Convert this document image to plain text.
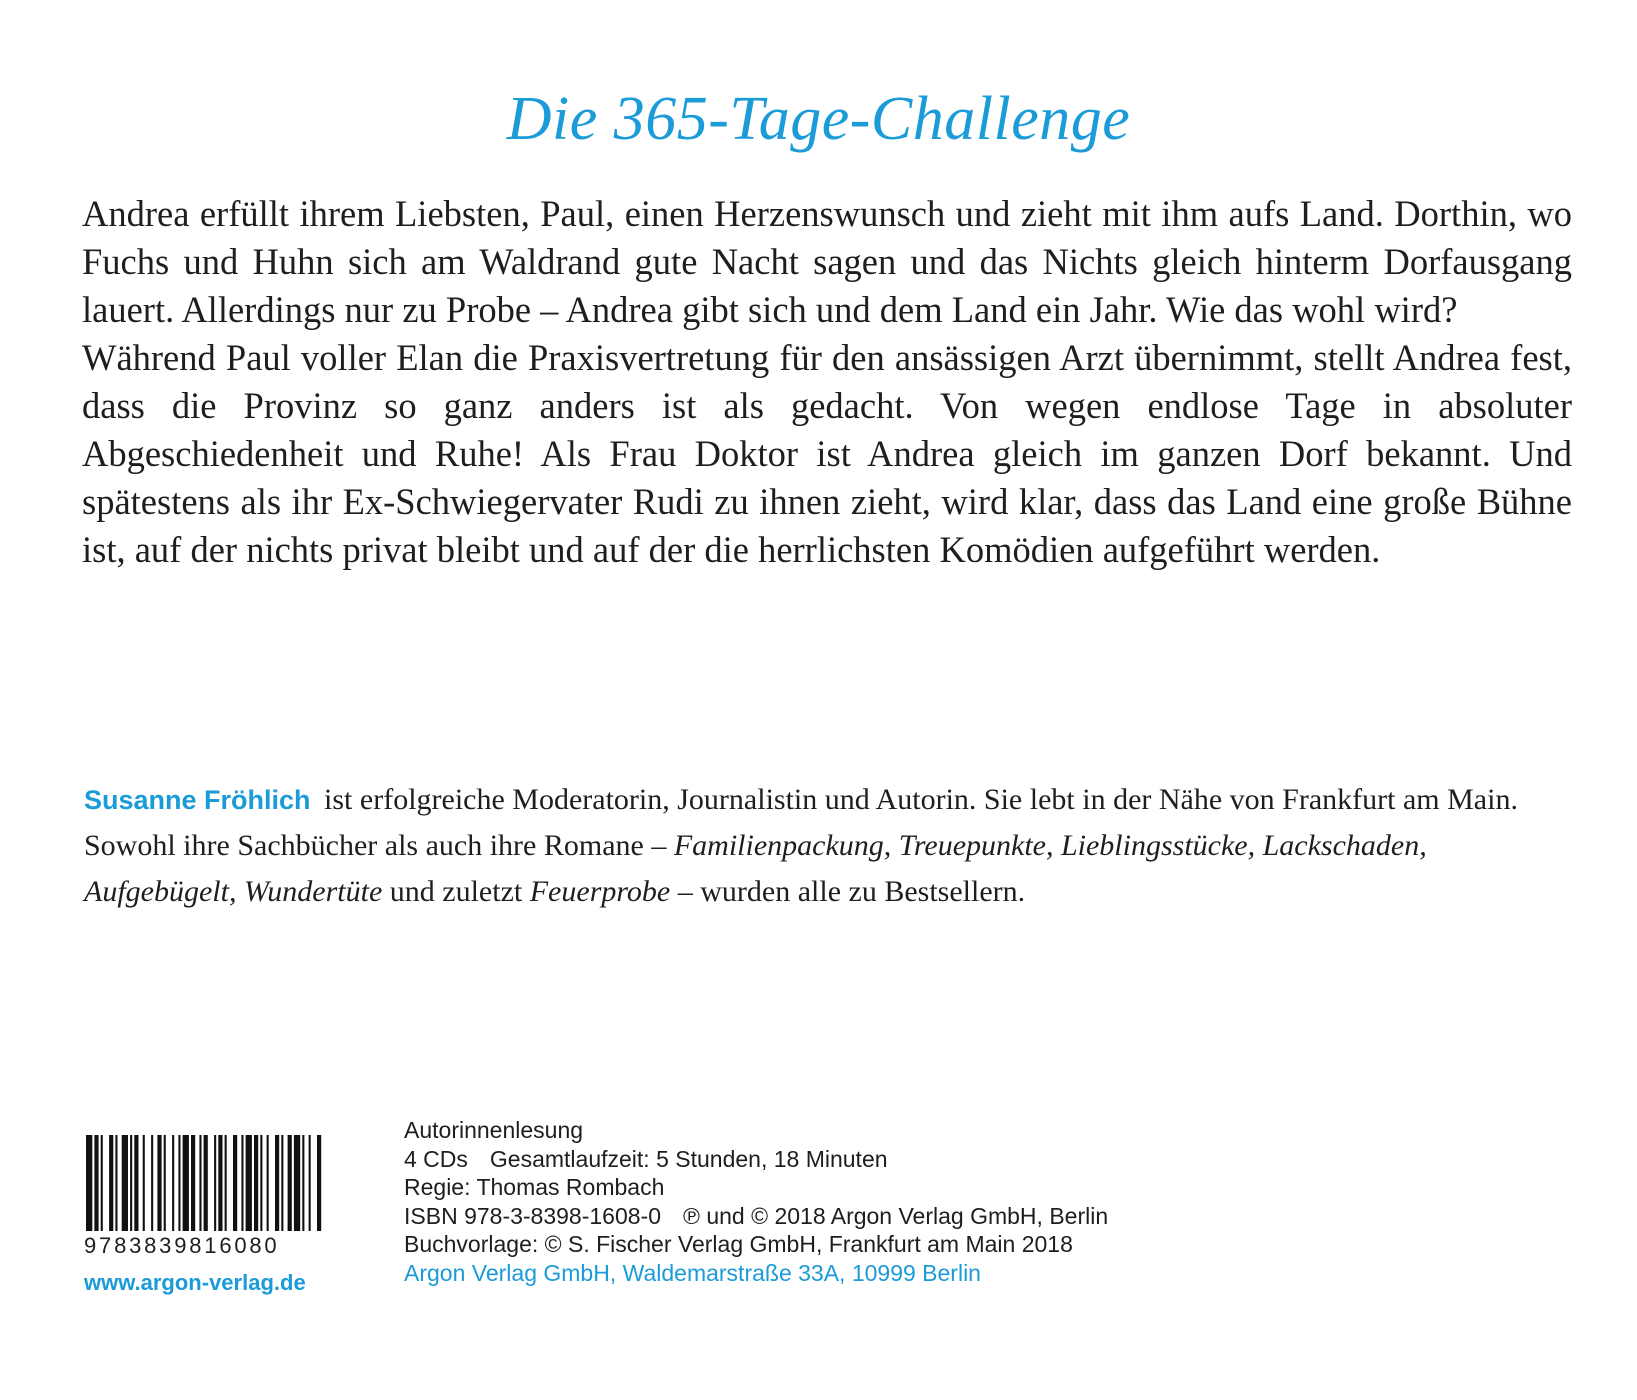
Die 365-Tage-Challenge

Andrea erfüllt ihrem Liebsten, Paul, einen Herzenswunsch und zieht mit ihm aufs Land. Dorthin, wo Fuchs und Huhn sich am Waldrand gute Nacht sagen und das Nichts gleich hinterm Dorfausgang lauert. Allerdings nur zu Probe – Andrea gibt sich und dem Land ein Jahr. Wie das wohl wird?

Während Paul voller Elan die Praxisvertretung für den ansässigen Arzt übernimmt, stellt Andrea fest, dass die Provinz so ganz anders ist als gedacht. Von wegen endlose Tage in absoluter Abgeschiedenheit und Ruhe! Als Frau Doktor ist Andrea gleich im ganzen Dorf bekannt. Und spätestens als ihr Ex-Schwiegervater Rudi zu ihnen zieht, wird klar, dass das Land eine große Bühne ist, auf der nichts privat bleibt und auf der die herrlichsten Komödien aufgeführt werden.

Susanne Fröhlich ist erfolgreiche Moderatorin, Journalistin und Autorin. Sie lebt in der Nähe von Frankfurt am Main. Sowohl ihre Sachbücher als auch ihre Romane – Familienpackung, Treuepunkte, Lieblingsstücke, Lackschaden, Aufgebügelt, Wundertüte und zuletzt Feuerprobe – wurden alle zu Bestsellern.
9783839816080
www.argon-verlag.de
Autorinnenlesung
4 CDs Gesamtlaufzeit: 5 Stunden, 18 Minuten
Regie: Thomas Rombach
ISBN 978-3-8398-1608-0 ℗ und © 2018 Argon Verlag GmbH, Berlin
Buchvorlage: © S. Fischer Verlag GmbH, Frankfurt am Main 2018
Argon Verlag GmbH, Waldemarstraße 33A, 10999 Berlin
